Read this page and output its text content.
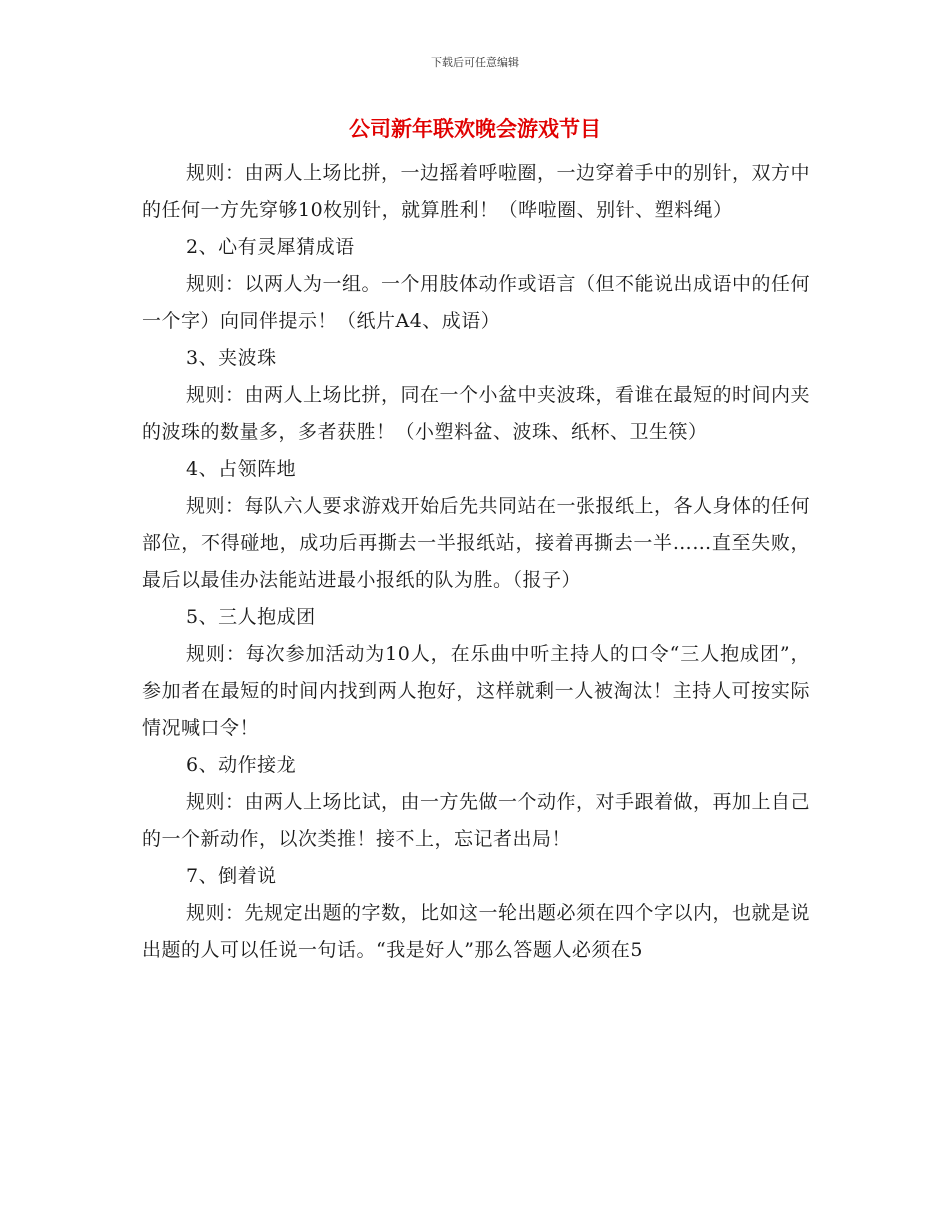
下载后可任意编辑
公司新年联欢晚会游戏节目

规则：由两人上场比拼，一边摇着呼啦圈，一边穿着手中的别针，双方中的任何一方先穿够10枚别针，就算胜利！（哗啦圈、别针、塑料绳）

2、心有灵犀猜成语

规则：以两人为一组。一个用肢体动作或语言（但不能说出成语中的任何一个字）向同伴提示！（纸片A4、成语）

3、夹波珠

规则：由两人上场比拼，同在一个小盆中夹波珠，看谁在最短的时间内夹的波珠的数量多，多者获胜！（小塑料盆、波珠、纸杯、卫生筷）

4、占领阵地

规则：每队六人要求游戏开始后先共同站在一张报纸上，各人身体的任何部位，不得碰地，成功后再撕去一半报纸站，接着再撕去一半……直至失败，最后以最佳办法能站进最小报纸的队为胜。（报子）

5、三人抱成团

规则：每次参加活动为10人，在乐曲中听主持人的口令“三人抱成团”，参加者在最短的时间内找到两人抱好，这样就剩一人被淘汰！主持人可按实际情况喊口令！

6、动作接龙

规则：由两人上场比试，由一方先做一个动作，对手跟着做，再加上自己的一个新动作，以次类推！接不上，忘记者出局！

7、倒着说

规则：先规定出题的字数，比如这一轮出题必须在四个字以内，也就是说出题的人可以任说一句话。“我是好人”那么答题人必须在5
